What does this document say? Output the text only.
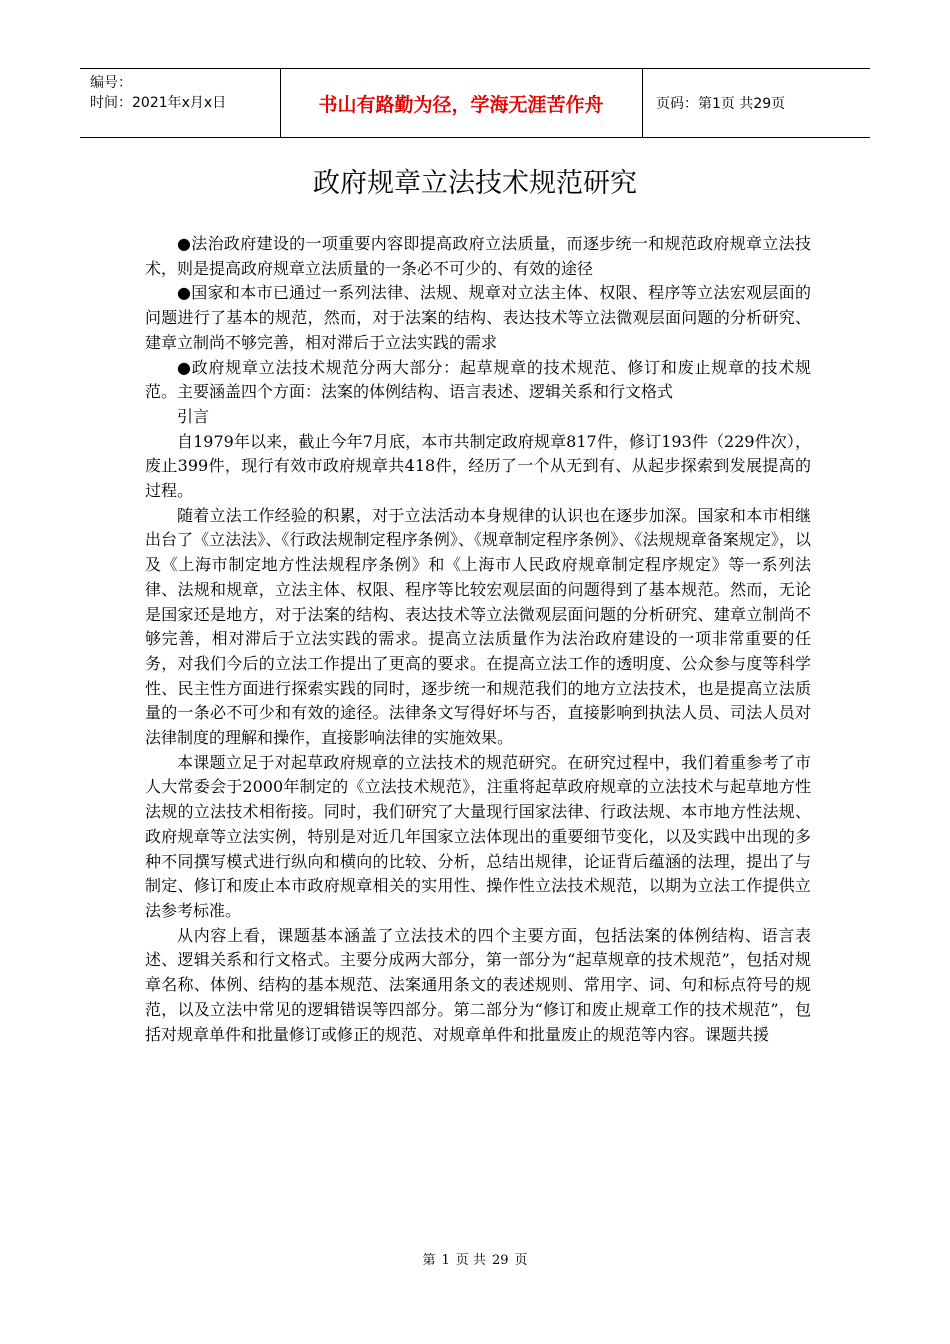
编号：
时间：2021年x月x日	书山有路勤为径，学海无涯苦作舟	页码：第1页 共29页
政府规章立法技术规范研究

●法治政府建设的一项重要内容即提高政府立法质量，而逐步统一和规范政府规章立法技术，则是提高政府规章立法质量的一条必不可少的、有效的途径

●国家和本市已通过一系列法律、法规、规章对立法主体、权限、程序等立法宏观层面的问题进行了基本的规范，然而，对于法案的结构、表达技术等立法微观层面问题的分析研究、建章立制尚不够完善，相对滞后于立法实践的需求

●政府规章立法技术规范分两大部分：起草规章的技术规范、修订和废止规章的技术规范。主要涵盖四个方面：法案的体例结构、语言表述、逻辑关系和行文格式

引言

自1979年以来，截止今年7月底，本市共制定政府规章817件，修订193件（229件次），废止399件，现行有效市政府规章共418件，经历了一个从无到有、从起步探索到发展提高的过程。

随着立法工作经验的积累，对于立法活动本身规律的认识也在逐步加深。国家和本市相继出台了《立法法》、《行政法规制定程序条例》、《规章制定程序条例》、《法规规章备案规定》，以及《上海市制定地方性法规程序条例》和《上海市人民政府规章制定程序规定》等一系列法律、法规和规章，立法主体、权限、程序等比较宏观层面的问题得到了基本规范。然而，无论是国家还是地方，对于法案的结构、表达技术等立法微观层面问题的分析研究、建章立制尚不够完善，相对滞后于立法实践的需求。提高立法质量作为法治政府建设的一项非常重要的任务，对我们今后的立法工作提出了更高的要求。在提高立法工作的透明度、公众参与度等科学性、民主性方面进行探索实践的同时，逐步统一和规范我们的地方立法技术，也是提高立法质量的一条必不可少和有效的途径。法律条文写得好坏与否，直接影响到执法人员、司法人员对法律制度的理解和操作，直接影响法律的实施效果。

本课题立足于对起草政府规章的立法技术的规范研究。在研究过程中，我们着重参考了市人大常委会于2000年制定的《立法技术规范》，注重将起草政府规章的立法技术与起草地方性法规的立法技术相衔接。同时，我们研究了大量现行国家法律、行政法规、本市地方性法规、政府规章等立法实例，特别是对近几年国家立法体现出的重要细节变化，以及实践中出现的多种不同撰写模式进行纵向和横向的比较、分析，总结出规律，论证背后蕴涵的法理，提出了与制定、修订和废止本市政府规章相关的实用性、操作性立法技术规范，以期为立法工作提供立法参考标准。

从内容上看，课题基本涵盖了立法技术的四个主要方面，包括法案的体例结构、语言表述、逻辑关系和行文格式。主要分成两大部分，第一部分为“起草规章的技术规范”，包括对规章名称、体例、结构的基本规范、法案通用条文的表述规则、常用字、词、句和标点符号的规范，以及立法中常见的逻辑错误等四部分。第二部分为“修订和废止规章工作的技术规范”，包括对规章单件和批量修订或修正的规范、对规章单件和批量废止的规范等内容。课题共援

第 1 页 共 29 页
